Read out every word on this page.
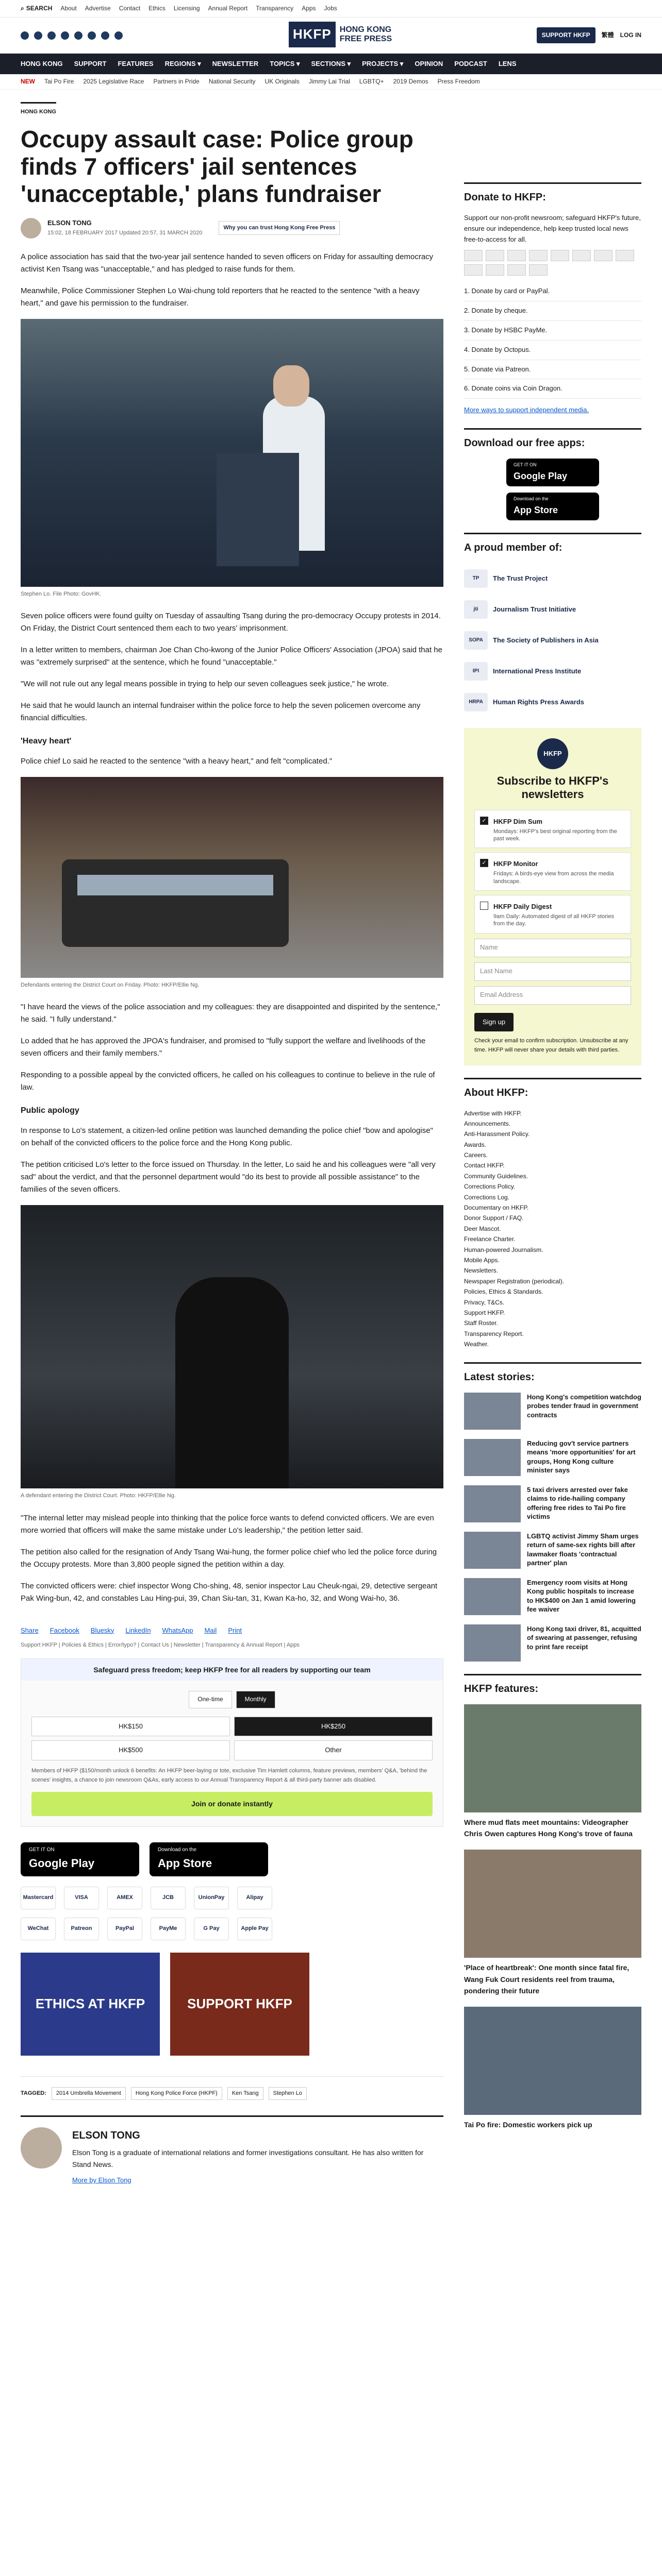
⌕ SEARCH About Advertise Contact Ethics Licensing Annual Report Transparency Apps Jobs
HKFP	HONG KONG
FREE PRESS	SUPPORT HKFP	繁體 LOG IN
HONG KONG SUPPORT FEATURES REGIONS ▾ NEWSLETTER TOPICS ▾ SECTIONS ▾ PROJECTS ▾ OPINION PODCAST LENS
NEW Tai Po Fire 2025 Legislative Race Partners in Pride National Security UK Originals Jimmy Lai Trial LGBTQ+ 2019 Demos Press Freedom
HONG KONG
Occupy assault case: Police group finds 7 officers' jail sentences 'unacceptable,' plans fundraiser
ELSON TONG
15:02, 18 FEBRUARY 2017 Updated 20:57, 31 MARCH 2020
Why you can trust Hong Kong Free Press

A police association has said that the two-year jail sentence handed to seven officers on Friday for assaulting democracy activist Ken Tsang was "unacceptable," and has pledged to raise funds for them.

Meanwhile, Police Commissioner Stephen Lo Wai-chung told reporters that he reacted to the sentence "with a heavy heart," and gave his permission to the fundraiser.

Stephen Lo. File Photo: GovHK.

Seven police officers were found guilty on Tuesday of assaulting Tsang during the pro-democracy Occupy protests in 2014. On Friday, the District Court sentenced them each to two years' imprisonment.

In a letter written to members, chairman Joe Chan Cho-kwong of the Junior Police Officers' Association (JPOA) said that he was "extremely surprised" at the sentence, which he found "unacceptable."

"We will not rule out any legal means possible in trying to help our seven colleagues seek justice," he wrote.

He said that he would launch an internal fundraiser within the police force to help the seven policemen overcome any financial difficulties.

'Heavy heart'

Police chief Lo said he reacted to the sentence "with a heavy heart," and felt "complicated."

Defendants entering the District Court on Friday. Photo: HKFP/Ellie Ng.

"I have heard the views of the police association and my colleagues: they are disappointed and dispirited by the sentence," he said. "I fully understand."

Lo added that he has approved the JPOA's fundraiser, and promised to "fully support the welfare and livelihoods of the seven officers and their family members."

Responding to a possible appeal by the convicted officers, he called on his colleagues to continue to believe in the rule of law.

Public apology

In response to Lo's statement, a citizen-led online petition was launched demanding the police chief "bow and apologise" on behalf of the convicted officers to the police force and the Hong Kong public.

The petition criticised Lo's letter to the force issued on Thursday. In the letter, Lo said he and his colleagues were "all very sad" about the verdict, and that the personnel department would "do its best to provide all possible assistance" to the families of the seven officers.

A defendant entering the District Court. Photo: HKFP/Ellie Ng.

"The internal letter may mislead people into thinking that the police force wants to defend convicted officers. We are even more worried that officers will make the same mistake under Lo's leadership," the petition letter said.

The petition also called for the resignation of Andy Tsang Wai-hung, the former police chief who led the police force during the Occupy protests. More than 3,800 people signed the petition within a day.

The convicted officers were: chief inspector Wong Cho-shing, 48, senior inspector Lau Cheuk-ngai, 29, detective sergeant Pak Wing-bun, 42, and constables Lau Hing-pui, 39, Chan Siu-tan, 31, Kwan Ka-ho, 32, and Wong Wai-ho, 36.

Share Facebook Bluesky LinkedIn WhatsApp Mail Print
Support HKFP | Policies & Ethics | Error/typo? | Contact Us | Newsletter | Transparency & Annual Report | Apps
Safeguard press freedom; keep HKFP free for all readers by supporting our team
One-time	Monthly
HK$150	HK$250
HK$500	Other
Members of HKFP ($150/month unlock 6 benefits: An HKFP beer-laying or tote, exclusive Tim Hamlett columns, feature previews, members' Q&A, 'behind the scenes' insights, a chance to join newsroom Q&As, early access to our Annual Transparency Report & all third-party banner ads disabled.
Join or donate instantly
GET IT ON
Google Play
Download on the
App Store
Mastercard	VISA	AMEX	JCB	UnionPay	Alipay
WeChat	Patreon	PayPal	PayMe	G Pay	Apple Pay
ETHICS AT HKFP	SUPPORT HKFP
TAGGED:	2014 Umbrella Movement	Hong Kong Police Force (HKPF)	Ken Tsang	Stephen Lo
ELSON TONG

Elson Tong is a graduate of international relations and former investigations consultant. He has also written for Stand News.

More by Elson Tong
Donate to HKFP:

Support our non-profit newsroom; safeguard HKFP's future, ensure our independence, help keep trusted local news free-to-access for all.

1. Donate by card or PayPal.
2. Donate by cheque.
3. Donate by HSBC PayMe.
4. Donate by Octopus.
5. Donate via Patreon.
6. Donate coins via Coin Dragon.
More ways to support independent media.
Download our free apps:
GET IT ON
Google Play
Download on the
App Store
A proud member of:
TP	The Trust Project
jti	Journalism Trust Initiative
SOPA	The Society of Publishers in Asia
IPI	International Press Institute
HRPA	Human Rights Press Awards
HKFP
Subscribe to HKFP's newsletters
✓ HKFP Dim Sum
Mondays: HKFP's best original reporting from the past week.
✓ HKFP Monitor
Fridays: A birds-eye view from across the media landscape.
HKFP Daily Digest
9am Daily: Automated digest of all HKFP stories from the day.
Name
Last Name
Email Address
Sign up

Check your email to confirm subscription. Unsubscribe at any time. HKFP will never share your details with third parties.

About HKFP:
Advertise with HKFP.
Announcements.
Anti-Harassment Policy.
Awards.
Careers.
Contact HKFP.
Community Guidelines.
Corrections Policy.
Corrections Log.
Documentary on HKFP.
Donor Support / FAQ.
Deer Mascot.
Freelance Charter.
Human-powered Journalism.
Mobile Apps.
Newsletters.
Newspaper Registration (periodical).
Policies, Ethics & Standards.
Privacy, T&Cs.
Support HKFP.
Staff Roster.
Transparency Report.
Weather.
Latest stories:
Hong Kong's competition watchdog probes tender fraud in government contracts
Reducing gov't service partners means 'more opportunities' for art groups, Hong Kong culture minister says
5 taxi drivers arrested over fake claims to ride-hailing company offering free rides to Tai Po fire victims
LGBTQ activist Jimmy Sham urges return of same-sex rights bill after lawmaker floats 'contractual partner' plan
Emergency room visits at Hong Kong public hospitals to increase to HK$400 on Jan 1 amid lowering fee waiver
Hong Kong taxi driver, 81, acquitted of swearing at passenger, refusing to print fare receipt
HKFP features:
Where mud flats meet mountains: Videographer Chris Owen captures Hong Kong's trove of fauna
'Place of heartbreak': One month since fatal fire, Wang Fuk Court residents reel from trauma, pondering their future
Tai Po fire: Domestic workers pick up
